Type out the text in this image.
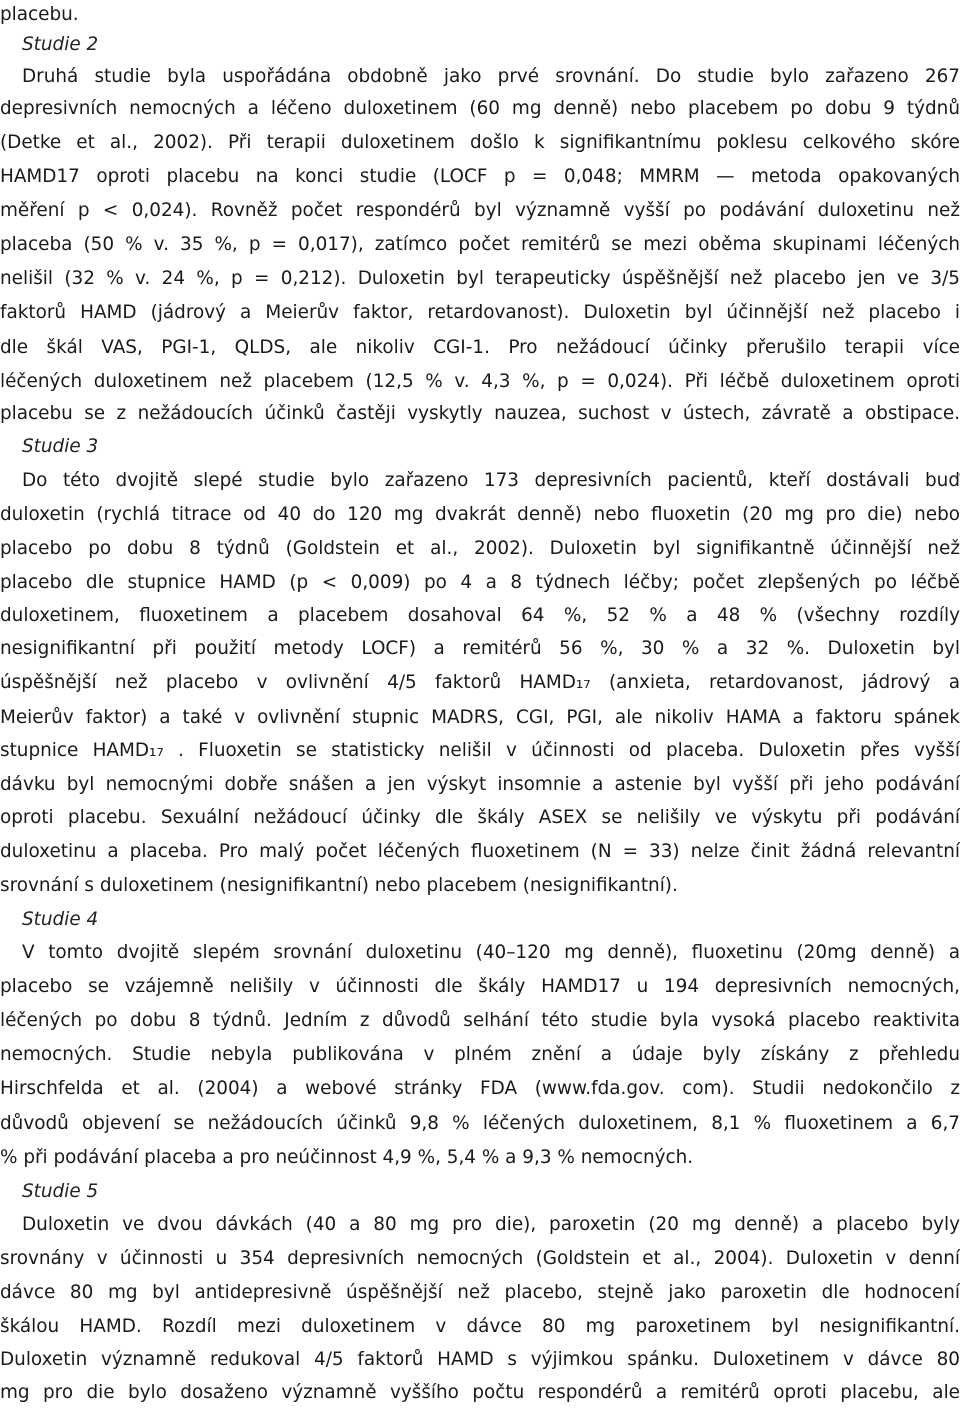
placebu.
Studie 2
Druhá studie byla uspořádána obdobně jako prvé srovnání. Do studie bylo zařazeno 267
depresivních nemocných a léčeno duloxetinem (60 mg denně) nebo placebem po dobu 9 týdnů
(Detke et al., 2002). Při terapii duloxetinem došlo k signifikantnímu poklesu celkového skóre
HAMD17 oproti placebu na konci studie (LOCF p = 0,048; MMRM — metoda opakovaných
měření p < 0,024). Rovněž počet respondérů byl významně vyšší po podávání duloxetinu než
placeba (50 % v. 35 %, p = 0,017), zatímco počet remitérů se mezi oběma skupinami léčených
nelišil (32 % v. 24 %, p = 0,212). Duloxetin byl terapeuticky úspěšnější než placebo jen ve 3/5
faktorů HAMD (jádrový a Meierův faktor, retardovanost). Duloxetin byl účinnější než placebo i
dle škál VAS, PGI-1, QLDS, ale nikoliv CGI-1. Pro nežádoucí účinky přerušilo terapii více
léčených duloxetinem než placebem (12,5 % v. 4,3 %, p = 0,024). Při léčbě duloxetinem oproti
placebu se z nežádoucích účinků častěji vyskytly nauzea, suchost v ústech, závratě a obstipace.
Studie 3
Do této dvojitě slepé studie bylo zařazeno 173 depresivních pacientů, kteří dostávali buď
duloxetin (rychlá titrace od 40 do 120 mg dvakrát denně) nebo fluoxetin (20 mg pro die) nebo
placebo po dobu 8 týdnů (Goldstein et al., 2002). Duloxetin byl signifikantně účinnější než
placebo dle stupnice HAMD (p < 0,009) po 4 a 8 týdnech léčby; počet zlepšených po léčbě
duloxetinem, fluoxetinem a placebem dosahoval 64 %, 52 % a 48 % (všechny rozdíly
nesignifikantní při použití metody LOCF) a remitérů 56 %, 30 % a 32 %. Duloxetin byl
úspěšnější než placebo v ovlivnění 4/5 faktorů HAMD₁₇ (anxieta, retardovanost, jádrový a
Meierův faktor) a také v ovlivnění stupnic MADRS, CGI, PGI, ale nikoliv HAMA a faktoru spánek
stupnice HAMD₁₇ . Fluoxetin se statisticky nelišil v účinnosti od placeba. Duloxetin přes vyšší
dávku byl nemocnými dobře snášen a jen výskyt insomnie a astenie byl vyšší při jeho podávání
oproti placebu. Sexuální nežádoucí účinky dle škály ASEX se nelišily ve výskytu při podávání
duloxetinu a placeba. Pro malý počet léčených fluoxetinem (N = 33) nelze činit žádná relevantní
srovnání s duloxetinem (nesignifikantní) nebo placebem (nesignifikantní).
Studie 4
V tomto dvojitě slepém srovnání duloxetinu (40–120 mg denně), fluoxetinu (20mg denně) a
placebo se vzájemně nelišily v účinnosti dle škály HAMD17 u 194 depresivních nemocných,
léčených po dobu 8 týdnů. Jedním z důvodů selhání této studie byla vysoká placebo reaktivita
nemocných. Studie nebyla publikována v plném znění a údaje byly získány z přehledu
Hirschfelda et al. (2004) a webové stránky FDA (www.fda.gov. com). Studii nedokončilo z
důvodů objevení se nežádoucích účinků 9,8 % léčených duloxetinem, 8,1 % fluoxetinem a 6,7
% při podávání placeba a pro neúčinnost 4,9 %, 5,4 % a 9,3 % nemocných.
Studie 5
Duloxetin ve dvou dávkách (40 a 80 mg pro die), paroxetin (20 mg denně) a placebo byly
srovnány v účinnosti u 354 depresivních nemocných (Goldstein et al., 2004). Duloxetin v denní
dávce 80 mg byl antidepresivně úspěšnější než placebo, stejně jako paroxetin dle hodnocení
škálou HAMD. Rozdíl mezi duloxetinem v dávce 80 mg paroxetinem byl nesignifikantní.
Duloxetin významně redukoval 4/5 faktorů HAMD s výjimkou spánku. Duloxetinem v dávce 80
mg pro die bylo dosaženo významně vyššího počtu respondérů a remitérů oproti placebu, ale
